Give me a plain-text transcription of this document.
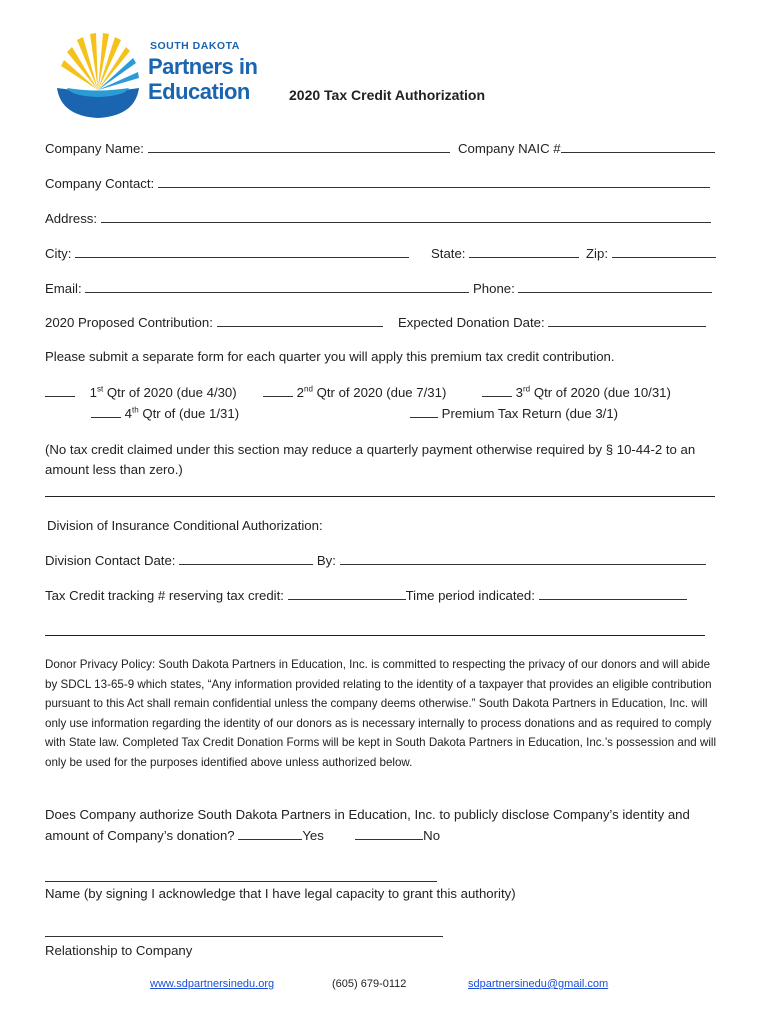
SOUTH DAKOTA
Partners in
Education	2020 Tax Credit Authorization
Company Name:	Company NAIC #
Company Contact:
Address:
City:	State:	Zip:
Email:	Phone:
2020 Proposed Contribution:	Expected Donation Date:
Please submit a separate form for each quarter you will apply this premium tax credit contribution.
1st Qtr of 2020 (due 4/30)	2nd Qtr of 2020 (due 7/31)	3rd Qtr of 2020 (due 10/31)
4th Qtr of (due 1/31)	Premium Tax Return (due 3/1)
(No tax credit claimed under this section may reduce a quarterly payment otherwise required by § 10-44-2 to an amount less than zero.)
Division of Insurance Conditional Authorization:
Division Contact Date:	By:
Tax Credit tracking # reserving tax credit:	Time period indicated:
Donor Privacy Policy: South Dakota Partners in Education, Inc. is committed to respecting the privacy of our donors and will abide by SDCL 13-65-9 which states, “Any information provided relating to the identity of a taxpayer that provides an eligible contribution pursuant to this Act shall remain confidential unless the company deems otherwise.” South Dakota Partners in Education, Inc. will only use information regarding the identity of our donors as is necessary internally to process donations and as required to comply with State law. Completed Tax Credit Donation Forms will be kept in South Dakota Partners in Education, Inc.’s possession and will only be used for the purposes identified above unless authorized below.
Does Company authorize South Dakota Partners in Education, Inc. to publicly disclose Company’s identity and
amount of Company’s donation?	Yes	No
Name (by signing I acknowledge that I have legal capacity to grant this authority)
Relationship to Company
www.sdpartnersinedu.org	(605) 679-0112	sdpartnersinedu@gmail.com
